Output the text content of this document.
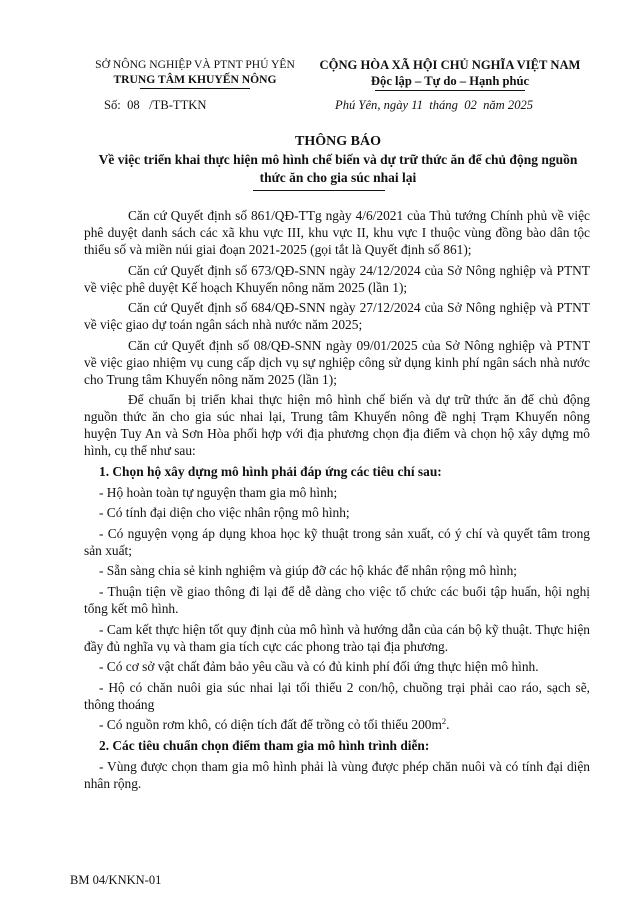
SỞ NÔNG NGHIỆP VÀ PTNT PHÚ YÊN
TRUNG TÂM KHUYẾN NÔNG
CỘNG HÒA XÃ HỘI CHỦ NGHĨA VIỆT NAM
Độc lập – Tự do – Hạnh phúc
Số:  08   /TB-TTKN	Phú Yên, ngày 11  tháng  02  năm 2025
THÔNG BÁO
Về việc triển khai thực hiện mô hình chế biến và dự trữ thức ăn để chủ động nguồn thức ăn cho gia súc nhai lại

Căn cứ Quyết định số 861/QĐ-TTg ngày 4/6/2021 của Thủ tướng Chính phủ về việc phê duyệt danh sách các xã khu vực III, khu vực II, khu vực I thuộc vùng đồng bào dân tộc thiểu số và miền núi giai đoạn 2021-2025 (gọi tắt là Quyết định số 861);

Căn cứ Quyết định số 673/QĐ-SNN ngày 24/12/2024 của Sở Nông nghiệp và PTNT về việc phê duyệt Kế hoạch Khuyến nông năm 2025 (lần 1);

Căn cứ Quyết định số 684/QĐ-SNN ngày 27/12/2024 của Sở Nông nghiệp và PTNT về việc giao dự toán ngân sách nhà nước năm 2025;

Căn cứ Quyết định số 08/QĐ-SNN ngày 09/01/2025 của Sở Nông nghiệp và PTNT về việc giao nhiệm vụ cung cấp dịch vụ sự nghiệp công sử dụng kinh phí ngân sách nhà nước cho Trung tâm Khuyến nông năm 2025 (lần 1);

Để chuẩn bị triển khai thực hiện mô hình chế biến và dự trữ thức ăn để chủ động nguồn thức ăn cho gia súc nhai lại, Trung tâm Khuyến nông đề nghị Trạm Khuyến nông huyện Tuy An và Sơn Hòa phối hợp với địa phương chọn địa điểm và chọn hộ xây dựng mô hình, cụ thể như sau:

1. Chọn hộ xây dựng mô hình phải đáp ứng các tiêu chí sau:

- Hộ hoàn toàn tự nguyện tham gia mô hình;

- Có tính đại diện cho việc nhân rộng mô hình;

- Có nguyện vọng áp dụng khoa học kỹ thuật trong sản xuất, có ý chí và quyết tâm trong sản xuất;

- Sẵn sàng chia sẻ kinh nghiệm và giúp đỡ các hộ khác để nhân rộng mô hình;

- Thuận tiện về giao thông đi lại để dễ dàng cho việc tổ chức các buổi tập huấn, hội nghị tổng kết mô hình.

- Cam kết thực hiện tốt quy định của mô hình và hướng dẫn của cán bộ kỹ thuật. Thực hiện đầy đủ nghĩa vụ và tham gia tích cực các phong trào tại địa phương.

- Có cơ sở vật chất đảm bảo yêu cầu và có đủ kinh phí đối ứng thực hiện mô hình.

- Hộ có chăn nuôi gia súc nhai lại tối thiểu 2 con/hộ, chuồng trại phải cao ráo, sạch sẽ, thông thoáng

- Có nguồn rơm khô, có diện tích đất để trồng cỏ tối thiểu $200m^2$.

2. Các tiêu chuẩn chọn điểm tham gia mô hình trình diễn:

- Vùng được chọn tham gia mô hình phải là vùng được phép chăn nuôi và có tính đại diện nhân rộng.

BM 04/KNKN-01
